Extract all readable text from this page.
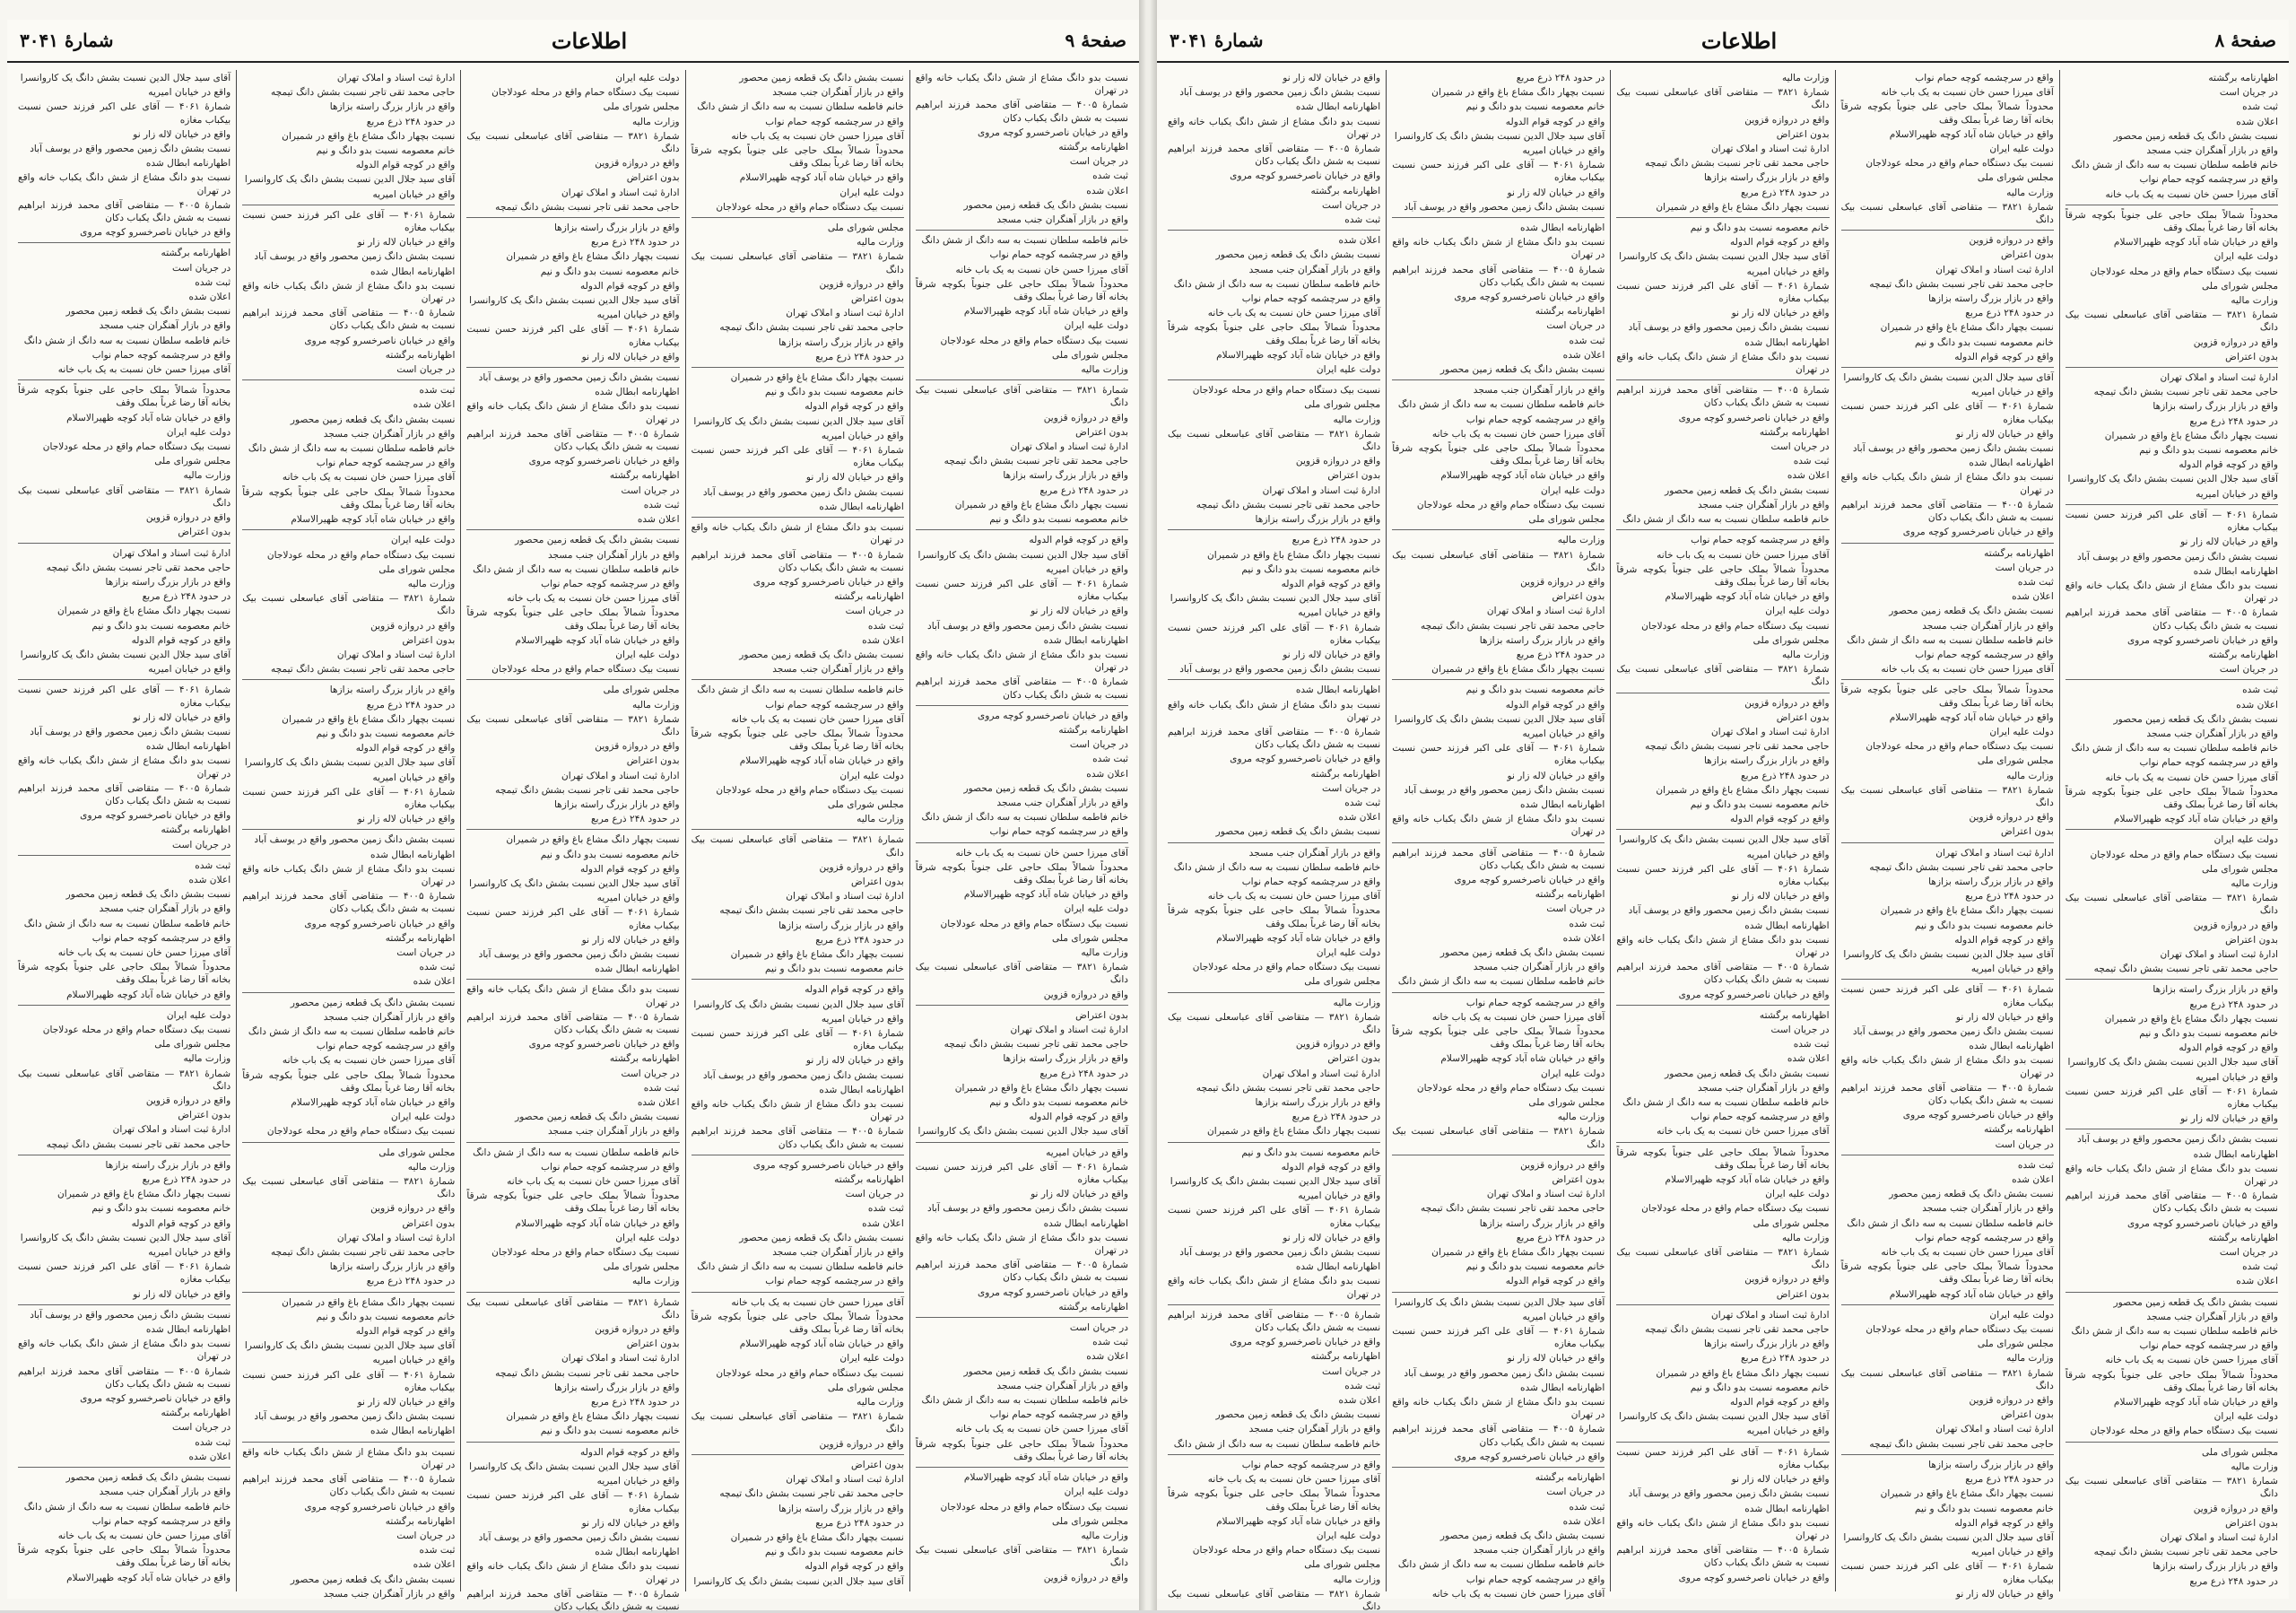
صفحهٔ ۹
اطلاعات
شمارهٔ ۳۰۴۱
نسبت بدو دانگ مشاع از شش دانگ یکباب خانه واقع در تهران
شمارهٔ ۴۰۰۵ — متقاضی آقای محمد فرزند ابراهیم نسبت به شش دانگ یکباب دکان
واقع در خیابان ناصرخسرو کوچه مروی
اظهارنامه برگشته
در جریان است
ثبت شده
اعلان شده
نسبت بشش دانگ یک قطعه زمین محصور
واقع در بازار آهنگران جنب مسجد
خانم فاطمه سلطان نسبت به سه دانگ از شش دانگ
واقع در سرچشمه کوچه حمام نواب
آقای میرزا حسن خان نسبت به یک باب خانه
محدوداً شمالاً بملک حاجی علی جنوباً بکوچه شرقاً بخانه آقا رضا غرباً بملک وقف
واقع در خیابان شاه آباد کوچه ظهیرالاسلام
دولت علیه ایران
نسبت بیک دستگاه حمام واقع در محله عودلاجان
مجلس شورای ملی
وزارت مالیه
شمارهٔ ۳۸۲۱ — متقاضی آقای عباسعلی نسبت بیک دانگ
واقع در دروازه قزوین
بدون اعتراض
ادارهٔ ثبت اسناد و املاک تهران
حاجی محمد تقی تاجر نسبت بشش دانگ تیمچه
واقع در بازار بزرگ راسته بزازها
در حدود ۲۴۸ ذرع مربع
نسبت بچهار دانگ مشاع باغ واقع در شمیران
خانم معصومه نسبت بدو دانگ و نیم
واقع در کوچه قوام الدوله
آقای سید جلال الدین نسبت بشش دانگ یک کاروانسرا
واقع در خیابان امیریه
شمارهٔ ۴۰۶۱ — آقای علی اکبر فرزند حسن نسبت بیکباب مغازه
واقع در خیابان لاله زار نو
نسبت بشش دانگ زمین محصور واقع در یوسف آباد
اظهارنامه ابطال شده
نسبت بدو دانگ مشاع از شش دانگ یکباب خانه واقع در تهران
شمارهٔ ۴۰۰۵ — متقاضی آقای محمد فرزند ابراهیم نسبت به شش دانگ یکباب دکان
واقع در خیابان ناصرخسرو کوچه مروی
اظهارنامه برگشته
در جریان است
ثبت شده
اعلان شده
نسبت بشش دانگ یک قطعه زمین محصور
واقع در بازار آهنگران جنب مسجد
خانم فاطمه سلطان نسبت به سه دانگ از شش دانگ
واقع در سرچشمه کوچه حمام نواب
آقای میرزا حسن خان نسبت به یک باب خانه
محدوداً شمالاً بملک حاجی علی جنوباً بکوچه شرقاً بخانه آقا رضا غرباً بملک وقف
واقع در خیابان شاه آباد کوچه ظهیرالاسلام
دولت علیه ایران
نسبت بیک دستگاه حمام واقع در محله عودلاجان
مجلس شورای ملی
وزارت مالیه
شمارهٔ ۳۸۲۱ — متقاضی آقای عباسعلی نسبت بیک دانگ
واقع در دروازه قزوین
بدون اعتراض
ادارهٔ ثبت اسناد و املاک تهران
حاجی محمد تقی تاجر نسبت بشش دانگ تیمچه
واقع در بازار بزرگ راسته بزازها
در حدود ۲۴۸ ذرع مربع
نسبت بچهار دانگ مشاع باغ واقع در شمیران
خانم معصومه نسبت بدو دانگ و نیم
واقع در کوچه قوام الدوله
آقای سید جلال الدین نسبت بشش دانگ یک کاروانسرا
واقع در خیابان امیریه
شمارهٔ ۴۰۶۱ — آقای علی اکبر فرزند حسن نسبت بیکباب مغازه
واقع در خیابان لاله زار نو
نسبت بشش دانگ زمین محصور واقع در یوسف آباد
اظهارنامه ابطال شده
نسبت بدو دانگ مشاع از شش دانگ یکباب خانه واقع در تهران
شمارهٔ ۴۰۰۵ — متقاضی آقای محمد فرزند ابراهیم نسبت به شش دانگ یکباب دکان
واقع در خیابان ناصرخسرو کوچه مروی
اظهارنامه برگشته
در جریان است
ثبت شده
اعلان شده
نسبت بشش دانگ یک قطعه زمین محصور
واقع در بازار آهنگران جنب مسجد
خانم فاطمه سلطان نسبت به سه دانگ از شش دانگ
واقع در سرچشمه کوچه حمام نواب
آقای میرزا حسن خان نسبت به یک باب خانه
محدوداً شمالاً بملک حاجی علی جنوباً بکوچه شرقاً بخانه آقا رضا غرباً بملک وقف
واقع در خیابان شاه آباد کوچه ظهیرالاسلام
دولت علیه ایران
نسبت بیک دستگاه حمام واقع در محله عودلاجان
مجلس شورای ملی
وزارت مالیه
شمارهٔ ۳۸۲۱ — متقاضی آقای عباسعلی نسبت بیک دانگ
واقع در دروازه قزوین
نسبت بشش دانگ یک قطعه زمین محصور
واقع در بازار آهنگران جنب مسجد
خانم فاطمه سلطان نسبت به سه دانگ از شش دانگ
واقع در سرچشمه کوچه حمام نواب
آقای میرزا حسن خان نسبت به یک باب خانه
محدوداً شمالاً بملک حاجی علی جنوباً بکوچه شرقاً بخانه آقا رضا غرباً بملک وقف
واقع در خیابان شاه آباد کوچه ظهیرالاسلام
دولت علیه ایران
نسبت بیک دستگاه حمام واقع در محله عودلاجان
مجلس شورای ملی
وزارت مالیه
شمارهٔ ۳۸۲۱ — متقاضی آقای عباسعلی نسبت بیک دانگ
واقع در دروازه قزوین
بدون اعتراض
ادارهٔ ثبت اسناد و املاک تهران
حاجی محمد تقی تاجر نسبت بشش دانگ تیمچه
واقع در بازار بزرگ راسته بزازها
در حدود ۲۴۸ ذرع مربع
نسبت بچهار دانگ مشاع باغ واقع در شمیران
خانم معصومه نسبت بدو دانگ و نیم
واقع در کوچه قوام الدوله
آقای سید جلال الدین نسبت بشش دانگ یک کاروانسرا
واقع در خیابان امیریه
شمارهٔ ۴۰۶۱ — آقای علی اکبر فرزند حسن نسبت بیکباب مغازه
واقع در خیابان لاله زار نو
نسبت بشش دانگ زمین محصور واقع در یوسف آباد
اظهارنامه ابطال شده
نسبت بدو دانگ مشاع از شش دانگ یکباب خانه واقع در تهران
شمارهٔ ۴۰۰۵ — متقاضی آقای محمد فرزند ابراهیم نسبت به شش دانگ یکباب دکان
واقع در خیابان ناصرخسرو کوچه مروی
اظهارنامه برگشته
در جریان است
ثبت شده
اعلان شده
نسبت بشش دانگ یک قطعه زمین محصور
واقع در بازار آهنگران جنب مسجد
خانم فاطمه سلطان نسبت به سه دانگ از شش دانگ
واقع در سرچشمه کوچه حمام نواب
آقای میرزا حسن خان نسبت به یک باب خانه
محدوداً شمالاً بملک حاجی علی جنوباً بکوچه شرقاً بخانه آقا رضا غرباً بملک وقف
واقع در خیابان شاه آباد کوچه ظهیرالاسلام
دولت علیه ایران
نسبت بیک دستگاه حمام واقع در محله عودلاجان
مجلس شورای ملی
وزارت مالیه
شمارهٔ ۳۸۲۱ — متقاضی آقای عباسعلی نسبت بیک دانگ
واقع در دروازه قزوین
بدون اعتراض
ادارهٔ ثبت اسناد و املاک تهران
حاجی محمد تقی تاجر نسبت بشش دانگ تیمچه
واقع در بازار بزرگ راسته بزازها
در حدود ۲۴۸ ذرع مربع
نسبت بچهار دانگ مشاع باغ واقع در شمیران
خانم معصومه نسبت بدو دانگ و نیم
واقع در کوچه قوام الدوله
آقای سید جلال الدین نسبت بشش دانگ یک کاروانسرا
واقع در خیابان امیریه
شمارهٔ ۴۰۶۱ — آقای علی اکبر فرزند حسن نسبت بیکباب مغازه
واقع در خیابان لاله زار نو
نسبت بشش دانگ زمین محصور واقع در یوسف آباد
اظهارنامه ابطال شده
نسبت بدو دانگ مشاع از شش دانگ یکباب خانه واقع در تهران
شمارهٔ ۴۰۰۵ — متقاضی آقای محمد فرزند ابراهیم نسبت به شش دانگ یکباب دکان
واقع در خیابان ناصرخسرو کوچه مروی
اظهارنامه برگشته
در جریان است
ثبت شده
اعلان شده
نسبت بشش دانگ یک قطعه زمین محصور
واقع در بازار آهنگران جنب مسجد
خانم فاطمه سلطان نسبت به سه دانگ از شش دانگ
واقع در سرچشمه کوچه حمام نواب
آقای میرزا حسن خان نسبت به یک باب خانه
محدوداً شمالاً بملک حاجی علی جنوباً بکوچه شرقاً بخانه آقا رضا غرباً بملک وقف
واقع در خیابان شاه آباد کوچه ظهیرالاسلام
دولت علیه ایران
نسبت بیک دستگاه حمام واقع در محله عودلاجان
مجلس شورای ملی
وزارت مالیه
شمارهٔ ۳۸۲۱ — متقاضی آقای عباسعلی نسبت بیک دانگ
واقع در دروازه قزوین
بدون اعتراض
ادارهٔ ثبت اسناد و املاک تهران
حاجی محمد تقی تاجر نسبت بشش دانگ تیمچه
واقع در بازار بزرگ راسته بزازها
در حدود ۲۴۸ ذرع مربع
نسبت بچهار دانگ مشاع باغ واقع در شمیران
خانم معصومه نسبت بدو دانگ و نیم
واقع در کوچه قوام الدوله
آقای سید جلال الدین نسبت بشش دانگ یک کاروانسرا
دولت علیه ایران
نسبت بیک دستگاه حمام واقع در محله عودلاجان
مجلس شورای ملی
وزارت مالیه
شمارهٔ ۳۸۲۱ — متقاضی آقای عباسعلی نسبت بیک دانگ
واقع در دروازه قزوین
بدون اعتراض
ادارهٔ ثبت اسناد و املاک تهران
حاجی محمد تقی تاجر نسبت بشش دانگ تیمچه
واقع در بازار بزرگ راسته بزازها
در حدود ۲۴۸ ذرع مربع
نسبت بچهار دانگ مشاع باغ واقع در شمیران
خانم معصومه نسبت بدو دانگ و نیم
واقع در کوچه قوام الدوله
آقای سید جلال الدین نسبت بشش دانگ یک کاروانسرا
واقع در خیابان امیریه
شمارهٔ ۴۰۶۱ — آقای علی اکبر فرزند حسن نسبت بیکباب مغازه
واقع در خیابان لاله زار نو
نسبت بشش دانگ زمین محصور واقع در یوسف آباد
اظهارنامه ابطال شده
نسبت بدو دانگ مشاع از شش دانگ یکباب خانه واقع در تهران
شمارهٔ ۴۰۰۵ — متقاضی آقای محمد فرزند ابراهیم نسبت به شش دانگ یکباب دکان
واقع در خیابان ناصرخسرو کوچه مروی
اظهارنامه برگشته
در جریان است
ثبت شده
اعلان شده
نسبت بشش دانگ یک قطعه زمین محصور
واقع در بازار آهنگران جنب مسجد
خانم فاطمه سلطان نسبت به سه دانگ از شش دانگ
واقع در سرچشمه کوچه حمام نواب
آقای میرزا حسن خان نسبت به یک باب خانه
محدوداً شمالاً بملک حاجی علی جنوباً بکوچه شرقاً بخانه آقا رضا غرباً بملک وقف
واقع در خیابان شاه آباد کوچه ظهیرالاسلام
دولت علیه ایران
نسبت بیک دستگاه حمام واقع در محله عودلاجان
مجلس شورای ملی
وزارت مالیه
شمارهٔ ۳۸۲۱ — متقاضی آقای عباسعلی نسبت بیک دانگ
واقع در دروازه قزوین
بدون اعتراض
ادارهٔ ثبت اسناد و املاک تهران
حاجی محمد تقی تاجر نسبت بشش دانگ تیمچه
واقع در بازار بزرگ راسته بزازها
در حدود ۲۴۸ ذرع مربع
نسبت بچهار دانگ مشاع باغ واقع در شمیران
خانم معصومه نسبت بدو دانگ و نیم
واقع در کوچه قوام الدوله
آقای سید جلال الدین نسبت بشش دانگ یک کاروانسرا
واقع در خیابان امیریه
شمارهٔ ۴۰۶۱ — آقای علی اکبر فرزند حسن نسبت بیکباب مغازه
واقع در خیابان لاله زار نو
نسبت بشش دانگ زمین محصور واقع در یوسف آباد
اظهارنامه ابطال شده
نسبت بدو دانگ مشاع از شش دانگ یکباب خانه واقع در تهران
شمارهٔ ۴۰۰۵ — متقاضی آقای محمد فرزند ابراهیم نسبت به شش دانگ یکباب دکان
واقع در خیابان ناصرخسرو کوچه مروی
اظهارنامه برگشته
در جریان است
ثبت شده
اعلان شده
نسبت بشش دانگ یک قطعه زمین محصور
واقع در بازار آهنگران جنب مسجد
خانم فاطمه سلطان نسبت به سه دانگ از شش دانگ
واقع در سرچشمه کوچه حمام نواب
آقای میرزا حسن خان نسبت به یک باب خانه
محدوداً شمالاً بملک حاجی علی جنوباً بکوچه شرقاً بخانه آقا رضا غرباً بملک وقف
واقع در خیابان شاه آباد کوچه ظهیرالاسلام
دولت علیه ایران
نسبت بیک دستگاه حمام واقع در محله عودلاجان
مجلس شورای ملی
وزارت مالیه
شمارهٔ ۳۸۲۱ — متقاضی آقای عباسعلی نسبت بیک دانگ
واقع در دروازه قزوین
بدون اعتراض
ادارهٔ ثبت اسناد و املاک تهران
حاجی محمد تقی تاجر نسبت بشش دانگ تیمچه
واقع در بازار بزرگ راسته بزازها
در حدود ۲۴۸ ذرع مربع
نسبت بچهار دانگ مشاع باغ واقع در شمیران
خانم معصومه نسبت بدو دانگ و نیم
واقع در کوچه قوام الدوله
آقای سید جلال الدین نسبت بشش دانگ یک کاروانسرا
واقع در خیابان امیریه
شمارهٔ ۴۰۶۱ — آقای علی اکبر فرزند حسن نسبت بیکباب مغازه
واقع در خیابان لاله زار نو
نسبت بشش دانگ زمین محصور واقع در یوسف آباد
اظهارنامه ابطال شده
نسبت بدو دانگ مشاع از شش دانگ یکباب خانه واقع در تهران
شمارهٔ ۴۰۰۵ — متقاضی آقای محمد فرزند ابراهیم نسبت به شش دانگ یکباب دکان
ادارهٔ ثبت اسناد و املاک تهران
حاجی محمد تقی تاجر نسبت بشش دانگ تیمچه
واقع در بازار بزرگ راسته بزازها
در حدود ۲۴۸ ذرع مربع
نسبت بچهار دانگ مشاع باغ واقع در شمیران
خانم معصومه نسبت بدو دانگ و نیم
واقع در کوچه قوام الدوله
آقای سید جلال الدین نسبت بشش دانگ یک کاروانسرا
واقع در خیابان امیریه
شمارهٔ ۴۰۶۱ — آقای علی اکبر فرزند حسن نسبت بیکباب مغازه
واقع در خیابان لاله زار نو
نسبت بشش دانگ زمین محصور واقع در یوسف آباد
اظهارنامه ابطال شده
نسبت بدو دانگ مشاع از شش دانگ یکباب خانه واقع در تهران
شمارهٔ ۴۰۰۵ — متقاضی آقای محمد فرزند ابراهیم نسبت به شش دانگ یکباب دکان
واقع در خیابان ناصرخسرو کوچه مروی
اظهارنامه برگشته
در جریان است
ثبت شده
اعلان شده
نسبت بشش دانگ یک قطعه زمین محصور
واقع در بازار آهنگران جنب مسجد
خانم فاطمه سلطان نسبت به سه دانگ از شش دانگ
واقع در سرچشمه کوچه حمام نواب
آقای میرزا حسن خان نسبت به یک باب خانه
محدوداً شمالاً بملک حاجی علی جنوباً بکوچه شرقاً بخانه آقا رضا غرباً بملک وقف
واقع در خیابان شاه آباد کوچه ظهیرالاسلام
دولت علیه ایران
نسبت بیک دستگاه حمام واقع در محله عودلاجان
مجلس شورای ملی
وزارت مالیه
شمارهٔ ۳۸۲۱ — متقاضی آقای عباسعلی نسبت بیک دانگ
واقع در دروازه قزوین
بدون اعتراض
ادارهٔ ثبت اسناد و املاک تهران
حاجی محمد تقی تاجر نسبت بشش دانگ تیمچه
واقع در بازار بزرگ راسته بزازها
در حدود ۲۴۸ ذرع مربع
نسبت بچهار دانگ مشاع باغ واقع در شمیران
خانم معصومه نسبت بدو دانگ و نیم
واقع در کوچه قوام الدوله
آقای سید جلال الدین نسبت بشش دانگ یک کاروانسرا
واقع در خیابان امیریه
شمارهٔ ۴۰۶۱ — آقای علی اکبر فرزند حسن نسبت بیکباب مغازه
واقع در خیابان لاله زار نو
نسبت بشش دانگ زمین محصور واقع در یوسف آباد
اظهارنامه ابطال شده
نسبت بدو دانگ مشاع از شش دانگ یکباب خانه واقع در تهران
شمارهٔ ۴۰۰۵ — متقاضی آقای محمد فرزند ابراهیم نسبت به شش دانگ یکباب دکان
واقع در خیابان ناصرخسرو کوچه مروی
اظهارنامه برگشته
در جریان است
ثبت شده
اعلان شده
نسبت بشش دانگ یک قطعه زمین محصور
واقع در بازار آهنگران جنب مسجد
خانم فاطمه سلطان نسبت به سه دانگ از شش دانگ
واقع در سرچشمه کوچه حمام نواب
آقای میرزا حسن خان نسبت به یک باب خانه
محدوداً شمالاً بملک حاجی علی جنوباً بکوچه شرقاً بخانه آقا رضا غرباً بملک وقف
واقع در خیابان شاه آباد کوچه ظهیرالاسلام
دولت علیه ایران
نسبت بیک دستگاه حمام واقع در محله عودلاجان
مجلس شورای ملی
وزارت مالیه
شمارهٔ ۳۸۲۱ — متقاضی آقای عباسعلی نسبت بیک دانگ
واقع در دروازه قزوین
بدون اعتراض
ادارهٔ ثبت اسناد و املاک تهران
حاجی محمد تقی تاجر نسبت بشش دانگ تیمچه
واقع در بازار بزرگ راسته بزازها
در حدود ۲۴۸ ذرع مربع
نسبت بچهار دانگ مشاع باغ واقع در شمیران
خانم معصومه نسبت بدو دانگ و نیم
واقع در کوچه قوام الدوله
آقای سید جلال الدین نسبت بشش دانگ یک کاروانسرا
واقع در خیابان امیریه
شمارهٔ ۴۰۶۱ — آقای علی اکبر فرزند حسن نسبت بیکباب مغازه
واقع در خیابان لاله زار نو
نسبت بشش دانگ زمین محصور واقع در یوسف آباد
اظهارنامه ابطال شده
نسبت بدو دانگ مشاع از شش دانگ یکباب خانه واقع در تهران
شمارهٔ ۴۰۰۵ — متقاضی آقای محمد فرزند ابراهیم نسبت به شش دانگ یکباب دکان
واقع در خیابان ناصرخسرو کوچه مروی
اظهارنامه برگشته
در جریان است
ثبت شده
اعلان شده
نسبت بشش دانگ یک قطعه زمین محصور
واقع در بازار آهنگران جنب مسجد
آقای سید جلال الدین نسبت بشش دانگ یک کاروانسرا
واقع در خیابان امیریه
شمارهٔ ۴۰۶۱ — آقای علی اکبر فرزند حسن نسبت بیکباب مغازه
واقع در خیابان لاله زار نو
نسبت بشش دانگ زمین محصور واقع در یوسف آباد
اظهارنامه ابطال شده
نسبت بدو دانگ مشاع از شش دانگ یکباب خانه واقع در تهران
شمارهٔ ۴۰۰۵ — متقاضی آقای محمد فرزند ابراهیم نسبت به شش دانگ یکباب دکان
واقع در خیابان ناصرخسرو کوچه مروی
اظهارنامه برگشته
در جریان است
ثبت شده
اعلان شده
نسبت بشش دانگ یک قطعه زمین محصور
واقع در بازار آهنگران جنب مسجد
خانم فاطمه سلطان نسبت به سه دانگ از شش دانگ
واقع در سرچشمه کوچه حمام نواب
آقای میرزا حسن خان نسبت به یک باب خانه
محدوداً شمالاً بملک حاجی علی جنوباً بکوچه شرقاً بخانه آقا رضا غرباً بملک وقف
واقع در خیابان شاه آباد کوچه ظهیرالاسلام
دولت علیه ایران
نسبت بیک دستگاه حمام واقع در محله عودلاجان
مجلس شورای ملی
وزارت مالیه
شمارهٔ ۳۸۲۱ — متقاضی آقای عباسعلی نسبت بیک دانگ
واقع در دروازه قزوین
بدون اعتراض
ادارهٔ ثبت اسناد و املاک تهران
حاجی محمد تقی تاجر نسبت بشش دانگ تیمچه
واقع در بازار بزرگ راسته بزازها
در حدود ۲۴۸ ذرع مربع
نسبت بچهار دانگ مشاع باغ واقع در شمیران
خانم معصومه نسبت بدو دانگ و نیم
واقع در کوچه قوام الدوله
آقای سید جلال الدین نسبت بشش دانگ یک کاروانسرا
واقع در خیابان امیریه
شمارهٔ ۴۰۶۱ — آقای علی اکبر فرزند حسن نسبت بیکباب مغازه
واقع در خیابان لاله زار نو
نسبت بشش دانگ زمین محصور واقع در یوسف آباد
اظهارنامه ابطال شده
نسبت بدو دانگ مشاع از شش دانگ یکباب خانه واقع در تهران
شمارهٔ ۴۰۰۵ — متقاضی آقای محمد فرزند ابراهیم نسبت به شش دانگ یکباب دکان
واقع در خیابان ناصرخسرو کوچه مروی
اظهارنامه برگشته
در جریان است
ثبت شده
اعلان شده
نسبت بشش دانگ یک قطعه زمین محصور
واقع در بازار آهنگران جنب مسجد
خانم فاطمه سلطان نسبت به سه دانگ از شش دانگ
واقع در سرچشمه کوچه حمام نواب
آقای میرزا حسن خان نسبت به یک باب خانه
محدوداً شمالاً بملک حاجی علی جنوباً بکوچه شرقاً بخانه آقا رضا غرباً بملک وقف
واقع در خیابان شاه آباد کوچه ظهیرالاسلام
دولت علیه ایران
نسبت بیک دستگاه حمام واقع در محله عودلاجان
مجلس شورای ملی
وزارت مالیه
شمارهٔ ۳۸۲۱ — متقاضی آقای عباسعلی نسبت بیک دانگ
واقع در دروازه قزوین
بدون اعتراض
ادارهٔ ثبت اسناد و املاک تهران
حاجی محمد تقی تاجر نسبت بشش دانگ تیمچه
واقع در بازار بزرگ راسته بزازها
در حدود ۲۴۸ ذرع مربع
نسبت بچهار دانگ مشاع باغ واقع در شمیران
خانم معصومه نسبت بدو دانگ و نیم
واقع در کوچه قوام الدوله
آقای سید جلال الدین نسبت بشش دانگ یک کاروانسرا
واقع در خیابان امیریه
شمارهٔ ۴۰۶۱ — آقای علی اکبر فرزند حسن نسبت بیکباب مغازه
واقع در خیابان لاله زار نو
نسبت بشش دانگ زمین محصور واقع در یوسف آباد
اظهارنامه ابطال شده
نسبت بدو دانگ مشاع از شش دانگ یکباب خانه واقع در تهران
شمارهٔ ۴۰۰۵ — متقاضی آقای محمد فرزند ابراهیم نسبت به شش دانگ یکباب دکان
واقع در خیابان ناصرخسرو کوچه مروی
اظهارنامه برگشته
در جریان است
ثبت شده
اعلان شده
نسبت بشش دانگ یک قطعه زمین محصور
واقع در بازار آهنگران جنب مسجد
خانم فاطمه سلطان نسبت به سه دانگ از شش دانگ
واقع در سرچشمه کوچه حمام نواب
آقای میرزا حسن خان نسبت به یک باب خانه
محدوداً شمالاً بملک حاجی علی جنوباً بکوچه شرقاً بخانه آقا رضا غرباً بملک وقف
واقع در خیابان شاه آباد کوچه ظهیرالاسلام
صفحهٔ ۸
اطلاعات
شمارهٔ ۳۰۴۱
اظهارنامه برگشته
در جریان است
ثبت شده
اعلان شده
نسبت بشش دانگ یک قطعه زمین محصور
واقع در بازار آهنگران جنب مسجد
خانم فاطمه سلطان نسبت به سه دانگ از شش دانگ
واقع در سرچشمه کوچه حمام نواب
آقای میرزا حسن خان نسبت به یک باب خانه
محدوداً شمالاً بملک حاجی علی جنوباً بکوچه شرقاً بخانه آقا رضا غرباً بملک وقف
واقع در خیابان شاه آباد کوچه ظهیرالاسلام
دولت علیه ایران
نسبت بیک دستگاه حمام واقع در محله عودلاجان
مجلس شورای ملی
وزارت مالیه
شمارهٔ ۳۸۲۱ — متقاضی آقای عباسعلی نسبت بیک دانگ
واقع در دروازه قزوین
بدون اعتراض
ادارهٔ ثبت اسناد و املاک تهران
حاجی محمد تقی تاجر نسبت بشش دانگ تیمچه
واقع در بازار بزرگ راسته بزازها
در حدود ۲۴۸ ذرع مربع
نسبت بچهار دانگ مشاع باغ واقع در شمیران
خانم معصومه نسبت بدو دانگ و نیم
واقع در کوچه قوام الدوله
آقای سید جلال الدین نسبت بشش دانگ یک کاروانسرا
واقع در خیابان امیریه
شمارهٔ ۴۰۶۱ — آقای علی اکبر فرزند حسن نسبت بیکباب مغازه
واقع در خیابان لاله زار نو
نسبت بشش دانگ زمین محصور واقع در یوسف آباد
اظهارنامه ابطال شده
نسبت بدو دانگ مشاع از شش دانگ یکباب خانه واقع در تهران
شمارهٔ ۴۰۰۵ — متقاضی آقای محمد فرزند ابراهیم نسبت به شش دانگ یکباب دکان
واقع در خیابان ناصرخسرو کوچه مروی
اظهارنامه برگشته
در جریان است
ثبت شده
اعلان شده
نسبت بشش دانگ یک قطعه زمین محصور
واقع در بازار آهنگران جنب مسجد
خانم فاطمه سلطان نسبت به سه دانگ از شش دانگ
واقع در سرچشمه کوچه حمام نواب
آقای میرزا حسن خان نسبت به یک باب خانه
محدوداً شمالاً بملک حاجی علی جنوباً بکوچه شرقاً بخانه آقا رضا غرباً بملک وقف
واقع در خیابان شاه آباد کوچه ظهیرالاسلام
دولت علیه ایران
نسبت بیک دستگاه حمام واقع در محله عودلاجان
مجلس شورای ملی
وزارت مالیه
شمارهٔ ۳۸۲۱ — متقاضی آقای عباسعلی نسبت بیک دانگ
واقع در دروازه قزوین
بدون اعتراض
ادارهٔ ثبت اسناد و املاک تهران
حاجی محمد تقی تاجر نسبت بشش دانگ تیمچه
واقع در بازار بزرگ راسته بزازها
در حدود ۲۴۸ ذرع مربع
نسبت بچهار دانگ مشاع باغ واقع در شمیران
خانم معصومه نسبت بدو دانگ و نیم
واقع در کوچه قوام الدوله
آقای سید جلال الدین نسبت بشش دانگ یک کاروانسرا
واقع در خیابان امیریه
شمارهٔ ۴۰۶۱ — آقای علی اکبر فرزند حسن نسبت بیکباب مغازه
واقع در خیابان لاله زار نو
نسبت بشش دانگ زمین محصور واقع در یوسف آباد
اظهارنامه ابطال شده
نسبت بدو دانگ مشاع از شش دانگ یکباب خانه واقع در تهران
شمارهٔ ۴۰۰۵ — متقاضی آقای محمد فرزند ابراهیم نسبت به شش دانگ یکباب دکان
واقع در خیابان ناصرخسرو کوچه مروی
اظهارنامه برگشته
در جریان است
ثبت شده
اعلان شده
نسبت بشش دانگ یک قطعه زمین محصور
واقع در بازار آهنگران جنب مسجد
خانم فاطمه سلطان نسبت به سه دانگ از شش دانگ
واقع در سرچشمه کوچه حمام نواب
آقای میرزا حسن خان نسبت به یک باب خانه
محدوداً شمالاً بملک حاجی علی جنوباً بکوچه شرقاً بخانه آقا رضا غرباً بملک وقف
واقع در خیابان شاه آباد کوچه ظهیرالاسلام
دولت علیه ایران
نسبت بیک دستگاه حمام واقع در محله عودلاجان
مجلس شورای ملی
وزارت مالیه
شمارهٔ ۳۸۲۱ — متقاضی آقای عباسعلی نسبت بیک دانگ
واقع در دروازه قزوین
بدون اعتراض
ادارهٔ ثبت اسناد و املاک تهران
حاجی محمد تقی تاجر نسبت بشش دانگ تیمچه
واقع در بازار بزرگ راسته بزازها
در حدود ۲۴۸ ذرع مربع
واقع در سرچشمه کوچه حمام نواب
آقای میرزا حسن خان نسبت به یک باب خانه
محدوداً شمالاً بملک حاجی علی جنوباً بکوچه شرقاً بخانه آقا رضا غرباً بملک وقف
واقع در خیابان شاه آباد کوچه ظهیرالاسلام
دولت علیه ایران
نسبت بیک دستگاه حمام واقع در محله عودلاجان
مجلس شورای ملی
وزارت مالیه
شمارهٔ ۳۸۲۱ — متقاضی آقای عباسعلی نسبت بیک دانگ
واقع در دروازه قزوین
بدون اعتراض
ادارهٔ ثبت اسناد و املاک تهران
حاجی محمد تقی تاجر نسبت بشش دانگ تیمچه
واقع در بازار بزرگ راسته بزازها
در حدود ۲۴۸ ذرع مربع
نسبت بچهار دانگ مشاع باغ واقع در شمیران
خانم معصومه نسبت بدو دانگ و نیم
واقع در کوچه قوام الدوله
آقای سید جلال الدین نسبت بشش دانگ یک کاروانسرا
واقع در خیابان امیریه
شمارهٔ ۴۰۶۱ — آقای علی اکبر فرزند حسن نسبت بیکباب مغازه
واقع در خیابان لاله زار نو
نسبت بشش دانگ زمین محصور واقع در یوسف آباد
اظهارنامه ابطال شده
نسبت بدو دانگ مشاع از شش دانگ یکباب خانه واقع در تهران
شمارهٔ ۴۰۰۵ — متقاضی آقای محمد فرزند ابراهیم نسبت به شش دانگ یکباب دکان
واقع در خیابان ناصرخسرو کوچه مروی
اظهارنامه برگشته
در جریان است
ثبت شده
اعلان شده
نسبت بشش دانگ یک قطعه زمین محصور
واقع در بازار آهنگران جنب مسجد
خانم فاطمه سلطان نسبت به سه دانگ از شش دانگ
واقع در سرچشمه کوچه حمام نواب
آقای میرزا حسن خان نسبت به یک باب خانه
محدوداً شمالاً بملک حاجی علی جنوباً بکوچه شرقاً بخانه آقا رضا غرباً بملک وقف
واقع در خیابان شاه آباد کوچه ظهیرالاسلام
دولت علیه ایران
نسبت بیک دستگاه حمام واقع در محله عودلاجان
مجلس شورای ملی
وزارت مالیه
شمارهٔ ۳۸۲۱ — متقاضی آقای عباسعلی نسبت بیک دانگ
واقع در دروازه قزوین
بدون اعتراض
ادارهٔ ثبت اسناد و املاک تهران
حاجی محمد تقی تاجر نسبت بشش دانگ تیمچه
واقع در بازار بزرگ راسته بزازها
در حدود ۲۴۸ ذرع مربع
نسبت بچهار دانگ مشاع باغ واقع در شمیران
خانم معصومه نسبت بدو دانگ و نیم
واقع در کوچه قوام الدوله
آقای سید جلال الدین نسبت بشش دانگ یک کاروانسرا
واقع در خیابان امیریه
شمارهٔ ۴۰۶۱ — آقای علی اکبر فرزند حسن نسبت بیکباب مغازه
واقع در خیابان لاله زار نو
نسبت بشش دانگ زمین محصور واقع در یوسف آباد
اظهارنامه ابطال شده
نسبت بدو دانگ مشاع از شش دانگ یکباب خانه واقع در تهران
شمارهٔ ۴۰۰۵ — متقاضی آقای محمد فرزند ابراهیم نسبت به شش دانگ یکباب دکان
واقع در خیابان ناصرخسرو کوچه مروی
اظهارنامه برگشته
در جریان است
ثبت شده
اعلان شده
نسبت بشش دانگ یک قطعه زمین محصور
واقع در بازار آهنگران جنب مسجد
خانم فاطمه سلطان نسبت به سه دانگ از شش دانگ
واقع در سرچشمه کوچه حمام نواب
آقای میرزا حسن خان نسبت به یک باب خانه
محدوداً شمالاً بملک حاجی علی جنوباً بکوچه شرقاً بخانه آقا رضا غرباً بملک وقف
واقع در خیابان شاه آباد کوچه ظهیرالاسلام
دولت علیه ایران
نسبت بیک دستگاه حمام واقع در محله عودلاجان
مجلس شورای ملی
وزارت مالیه
شمارهٔ ۳۸۲۱ — متقاضی آقای عباسعلی نسبت بیک دانگ
واقع در دروازه قزوین
بدون اعتراض
ادارهٔ ثبت اسناد و املاک تهران
حاجی محمد تقی تاجر نسبت بشش دانگ تیمچه
واقع در بازار بزرگ راسته بزازها
در حدود ۲۴۸ ذرع مربع
نسبت بچهار دانگ مشاع باغ واقع در شمیران
خانم معصومه نسبت بدو دانگ و نیم
واقع در کوچه قوام الدوله
آقای سید جلال الدین نسبت بشش دانگ یک کاروانسرا
واقع در خیابان امیریه
شمارهٔ ۴۰۶۱ — آقای علی اکبر فرزند حسن نسبت بیکباب مغازه
واقع در خیابان لاله زار نو
وزارت مالیه
شمارهٔ ۳۸۲۱ — متقاضی آقای عباسعلی نسبت بیک دانگ
واقع در دروازه قزوین
بدون اعتراض
ادارهٔ ثبت اسناد و املاک تهران
حاجی محمد تقی تاجر نسبت بشش دانگ تیمچه
واقع در بازار بزرگ راسته بزازها
در حدود ۲۴۸ ذرع مربع
نسبت بچهار دانگ مشاع باغ واقع در شمیران
خانم معصومه نسبت بدو دانگ و نیم
واقع در کوچه قوام الدوله
آقای سید جلال الدین نسبت بشش دانگ یک کاروانسرا
واقع در خیابان امیریه
شمارهٔ ۴۰۶۱ — آقای علی اکبر فرزند حسن نسبت بیکباب مغازه
واقع در خیابان لاله زار نو
نسبت بشش دانگ زمین محصور واقع در یوسف آباد
اظهارنامه ابطال شده
نسبت بدو دانگ مشاع از شش دانگ یکباب خانه واقع در تهران
شمارهٔ ۴۰۰۵ — متقاضی آقای محمد فرزند ابراهیم نسبت به شش دانگ یکباب دکان
واقع در خیابان ناصرخسرو کوچه مروی
اظهارنامه برگشته
در جریان است
ثبت شده
اعلان شده
نسبت بشش دانگ یک قطعه زمین محصور
واقع در بازار آهنگران جنب مسجد
خانم فاطمه سلطان نسبت به سه دانگ از شش دانگ
واقع در سرچشمه کوچه حمام نواب
آقای میرزا حسن خان نسبت به یک باب خانه
محدوداً شمالاً بملک حاجی علی جنوباً بکوچه شرقاً بخانه آقا رضا غرباً بملک وقف
واقع در خیابان شاه آباد کوچه ظهیرالاسلام
دولت علیه ایران
نسبت بیک دستگاه حمام واقع در محله عودلاجان
مجلس شورای ملی
وزارت مالیه
شمارهٔ ۳۸۲۱ — متقاضی آقای عباسعلی نسبت بیک دانگ
واقع در دروازه قزوین
بدون اعتراض
ادارهٔ ثبت اسناد و املاک تهران
حاجی محمد تقی تاجر نسبت بشش دانگ تیمچه
واقع در بازار بزرگ راسته بزازها
در حدود ۲۴۸ ذرع مربع
نسبت بچهار دانگ مشاع باغ واقع در شمیران
خانم معصومه نسبت بدو دانگ و نیم
واقع در کوچه قوام الدوله
آقای سید جلال الدین نسبت بشش دانگ یک کاروانسرا
واقع در خیابان امیریه
شمارهٔ ۴۰۶۱ — آقای علی اکبر فرزند حسن نسبت بیکباب مغازه
واقع در خیابان لاله زار نو
نسبت بشش دانگ زمین محصور واقع در یوسف آباد
اظهارنامه ابطال شده
نسبت بدو دانگ مشاع از شش دانگ یکباب خانه واقع در تهران
شمارهٔ ۴۰۰۵ — متقاضی آقای محمد فرزند ابراهیم نسبت به شش دانگ یکباب دکان
واقع در خیابان ناصرخسرو کوچه مروی
اظهارنامه برگشته
در جریان است
ثبت شده
اعلان شده
نسبت بشش دانگ یک قطعه زمین محصور
واقع در بازار آهنگران جنب مسجد
خانم فاطمه سلطان نسبت به سه دانگ از شش دانگ
واقع در سرچشمه کوچه حمام نواب
آقای میرزا حسن خان نسبت به یک باب خانه
محدوداً شمالاً بملک حاجی علی جنوباً بکوچه شرقاً بخانه آقا رضا غرباً بملک وقف
واقع در خیابان شاه آباد کوچه ظهیرالاسلام
دولت علیه ایران
نسبت بیک دستگاه حمام واقع در محله عودلاجان
مجلس شورای ملی
وزارت مالیه
شمارهٔ ۳۸۲۱ — متقاضی آقای عباسعلی نسبت بیک دانگ
واقع در دروازه قزوین
بدون اعتراض
ادارهٔ ثبت اسناد و املاک تهران
حاجی محمد تقی تاجر نسبت بشش دانگ تیمچه
واقع در بازار بزرگ راسته بزازها
در حدود ۲۴۸ ذرع مربع
نسبت بچهار دانگ مشاع باغ واقع در شمیران
خانم معصومه نسبت بدو دانگ و نیم
واقع در کوچه قوام الدوله
آقای سید جلال الدین نسبت بشش دانگ یک کاروانسرا
واقع در خیابان امیریه
شمارهٔ ۴۰۶۱ — آقای علی اکبر فرزند حسن نسبت بیکباب مغازه
واقع در خیابان لاله زار نو
نسبت بشش دانگ زمین محصور واقع در یوسف آباد
اظهارنامه ابطال شده
نسبت بدو دانگ مشاع از شش دانگ یکباب خانه واقع در تهران
شمارهٔ ۴۰۰۵ — متقاضی آقای محمد فرزند ابراهیم نسبت به شش دانگ یکباب دکان
واقع در خیابان ناصرخسرو کوچه مروی
در حدود ۲۴۸ ذرع مربع
نسبت بچهار دانگ مشاع باغ واقع در شمیران
خانم معصومه نسبت بدو دانگ و نیم
واقع در کوچه قوام الدوله
آقای سید جلال الدین نسبت بشش دانگ یک کاروانسرا
واقع در خیابان امیریه
شمارهٔ ۴۰۶۱ — آقای علی اکبر فرزند حسن نسبت بیکباب مغازه
واقع در خیابان لاله زار نو
نسبت بشش دانگ زمین محصور واقع در یوسف آباد
اظهارنامه ابطال شده
نسبت بدو دانگ مشاع از شش دانگ یکباب خانه واقع در تهران
شمارهٔ ۴۰۰۵ — متقاضی آقای محمد فرزند ابراهیم نسبت به شش دانگ یکباب دکان
واقع در خیابان ناصرخسرو کوچه مروی
اظهارنامه برگشته
در جریان است
ثبت شده
اعلان شده
نسبت بشش دانگ یک قطعه زمین محصور
واقع در بازار آهنگران جنب مسجد
خانم فاطمه سلطان نسبت به سه دانگ از شش دانگ
واقع در سرچشمه کوچه حمام نواب
آقای میرزا حسن خان نسبت به یک باب خانه
محدوداً شمالاً بملک حاجی علی جنوباً بکوچه شرقاً بخانه آقا رضا غرباً بملک وقف
واقع در خیابان شاه آباد کوچه ظهیرالاسلام
دولت علیه ایران
نسبت بیک دستگاه حمام واقع در محله عودلاجان
مجلس شورای ملی
وزارت مالیه
شمارهٔ ۳۸۲۱ — متقاضی آقای عباسعلی نسبت بیک دانگ
واقع در دروازه قزوین
بدون اعتراض
ادارهٔ ثبت اسناد و املاک تهران
حاجی محمد تقی تاجر نسبت بشش دانگ تیمچه
واقع در بازار بزرگ راسته بزازها
در حدود ۲۴۸ ذرع مربع
نسبت بچهار دانگ مشاع باغ واقع در شمیران
خانم معصومه نسبت بدو دانگ و نیم
واقع در کوچه قوام الدوله
آقای سید جلال الدین نسبت بشش دانگ یک کاروانسرا
واقع در خیابان امیریه
شمارهٔ ۴۰۶۱ — آقای علی اکبر فرزند حسن نسبت بیکباب مغازه
واقع در خیابان لاله زار نو
نسبت بشش دانگ زمین محصور واقع در یوسف آباد
اظهارنامه ابطال شده
نسبت بدو دانگ مشاع از شش دانگ یکباب خانه واقع در تهران
شمارهٔ ۴۰۰۵ — متقاضی آقای محمد فرزند ابراهیم نسبت به شش دانگ یکباب دکان
واقع در خیابان ناصرخسرو کوچه مروی
اظهارنامه برگشته
در جریان است
ثبت شده
اعلان شده
نسبت بشش دانگ یک قطعه زمین محصور
واقع در بازار آهنگران جنب مسجد
خانم فاطمه سلطان نسبت به سه دانگ از شش دانگ
واقع در سرچشمه کوچه حمام نواب
آقای میرزا حسن خان نسبت به یک باب خانه
محدوداً شمالاً بملک حاجی علی جنوباً بکوچه شرقاً بخانه آقا رضا غرباً بملک وقف
واقع در خیابان شاه آباد کوچه ظهیرالاسلام
دولت علیه ایران
نسبت بیک دستگاه حمام واقع در محله عودلاجان
مجلس شورای ملی
وزارت مالیه
شمارهٔ ۳۸۲۱ — متقاضی آقای عباسعلی نسبت بیک دانگ
واقع در دروازه قزوین
بدون اعتراض
ادارهٔ ثبت اسناد و املاک تهران
حاجی محمد تقی تاجر نسبت بشش دانگ تیمچه
واقع در بازار بزرگ راسته بزازها
در حدود ۲۴۸ ذرع مربع
نسبت بچهار دانگ مشاع باغ واقع در شمیران
خانم معصومه نسبت بدو دانگ و نیم
واقع در کوچه قوام الدوله
آقای سید جلال الدین نسبت بشش دانگ یک کاروانسرا
واقع در خیابان امیریه
شمارهٔ ۴۰۶۱ — آقای علی اکبر فرزند حسن نسبت بیکباب مغازه
واقع در خیابان لاله زار نو
نسبت بشش دانگ زمین محصور واقع در یوسف آباد
اظهارنامه ابطال شده
نسبت بدو دانگ مشاع از شش دانگ یکباب خانه واقع در تهران
شمارهٔ ۴۰۰۵ — متقاضی آقای محمد فرزند ابراهیم نسبت به شش دانگ یکباب دکان
واقع در خیابان ناصرخسرو کوچه مروی
اظهارنامه برگشته
در جریان است
ثبت شده
اعلان شده
نسبت بشش دانگ یک قطعه زمین محصور
واقع در بازار آهنگران جنب مسجد
خانم فاطمه سلطان نسبت به سه دانگ از شش دانگ
واقع در سرچشمه کوچه حمام نواب
آقای میرزا حسن خان نسبت به یک باب خانه
واقع در خیابان لاله زار نو
نسبت بشش دانگ زمین محصور واقع در یوسف آباد
اظهارنامه ابطال شده
نسبت بدو دانگ مشاع از شش دانگ یکباب خانه واقع در تهران
شمارهٔ ۴۰۰۵ — متقاضی آقای محمد فرزند ابراهیم نسبت به شش دانگ یکباب دکان
واقع در خیابان ناصرخسرو کوچه مروی
اظهارنامه برگشته
در جریان است
ثبت شده
اعلان شده
نسبت بشش دانگ یک قطعه زمین محصور
واقع در بازار آهنگران جنب مسجد
خانم فاطمه سلطان نسبت به سه دانگ از شش دانگ
واقع در سرچشمه کوچه حمام نواب
آقای میرزا حسن خان نسبت به یک باب خانه
محدوداً شمالاً بملک حاجی علی جنوباً بکوچه شرقاً بخانه آقا رضا غرباً بملک وقف
واقع در خیابان شاه آباد کوچه ظهیرالاسلام
دولت علیه ایران
نسبت بیک دستگاه حمام واقع در محله عودلاجان
مجلس شورای ملی
وزارت مالیه
شمارهٔ ۳۸۲۱ — متقاضی آقای عباسعلی نسبت بیک دانگ
واقع در دروازه قزوین
بدون اعتراض
ادارهٔ ثبت اسناد و املاک تهران
حاجی محمد تقی تاجر نسبت بشش دانگ تیمچه
واقع در بازار بزرگ راسته بزازها
در حدود ۲۴۸ ذرع مربع
نسبت بچهار دانگ مشاع باغ واقع در شمیران
خانم معصومه نسبت بدو دانگ و نیم
واقع در کوچه قوام الدوله
آقای سید جلال الدین نسبت بشش دانگ یک کاروانسرا
واقع در خیابان امیریه
شمارهٔ ۴۰۶۱ — آقای علی اکبر فرزند حسن نسبت بیکباب مغازه
واقع در خیابان لاله زار نو
نسبت بشش دانگ زمین محصور واقع در یوسف آباد
اظهارنامه ابطال شده
نسبت بدو دانگ مشاع از شش دانگ یکباب خانه واقع در تهران
شمارهٔ ۴۰۰۵ — متقاضی آقای محمد فرزند ابراهیم نسبت به شش دانگ یکباب دکان
واقع در خیابان ناصرخسرو کوچه مروی
اظهارنامه برگشته
در جریان است
ثبت شده
اعلان شده
نسبت بشش دانگ یک قطعه زمین محصور
واقع در بازار آهنگران جنب مسجد
خانم فاطمه سلطان نسبت به سه دانگ از شش دانگ
واقع در سرچشمه کوچه حمام نواب
آقای میرزا حسن خان نسبت به یک باب خانه
محدوداً شمالاً بملک حاجی علی جنوباً بکوچه شرقاً بخانه آقا رضا غرباً بملک وقف
واقع در خیابان شاه آباد کوچه ظهیرالاسلام
دولت علیه ایران
نسبت بیک دستگاه حمام واقع در محله عودلاجان
مجلس شورای ملی
وزارت مالیه
شمارهٔ ۳۸۲۱ — متقاضی آقای عباسعلی نسبت بیک دانگ
واقع در دروازه قزوین
بدون اعتراض
ادارهٔ ثبت اسناد و املاک تهران
حاجی محمد تقی تاجر نسبت بشش دانگ تیمچه
واقع در بازار بزرگ راسته بزازها
در حدود ۲۴۸ ذرع مربع
نسبت بچهار دانگ مشاع باغ واقع در شمیران
خانم معصومه نسبت بدو دانگ و نیم
واقع در کوچه قوام الدوله
آقای سید جلال الدین نسبت بشش دانگ یک کاروانسرا
واقع در خیابان امیریه
شمارهٔ ۴۰۶۱ — آقای علی اکبر فرزند حسن نسبت بیکباب مغازه
واقع در خیابان لاله زار نو
نسبت بشش دانگ زمین محصور واقع در یوسف آباد
اظهارنامه ابطال شده
نسبت بدو دانگ مشاع از شش دانگ یکباب خانه واقع در تهران
شمارهٔ ۴۰۰۵ — متقاضی آقای محمد فرزند ابراهیم نسبت به شش دانگ یکباب دکان
واقع در خیابان ناصرخسرو کوچه مروی
اظهارنامه برگشته
در جریان است
ثبت شده
اعلان شده
نسبت بشش دانگ یک قطعه زمین محصور
واقع در بازار آهنگران جنب مسجد
خانم فاطمه سلطان نسبت به سه دانگ از شش دانگ
واقع در سرچشمه کوچه حمام نواب
آقای میرزا حسن خان نسبت به یک باب خانه
محدوداً شمالاً بملک حاجی علی جنوباً بکوچه شرقاً بخانه آقا رضا غرباً بملک وقف
واقع در خیابان شاه آباد کوچه ظهیرالاسلام
دولت علیه ایران
نسبت بیک دستگاه حمام واقع در محله عودلاجان
مجلس شورای ملی
وزارت مالیه
شمارهٔ ۳۸۲۱ — متقاضی آقای عباسعلی نسبت بیک دانگ
